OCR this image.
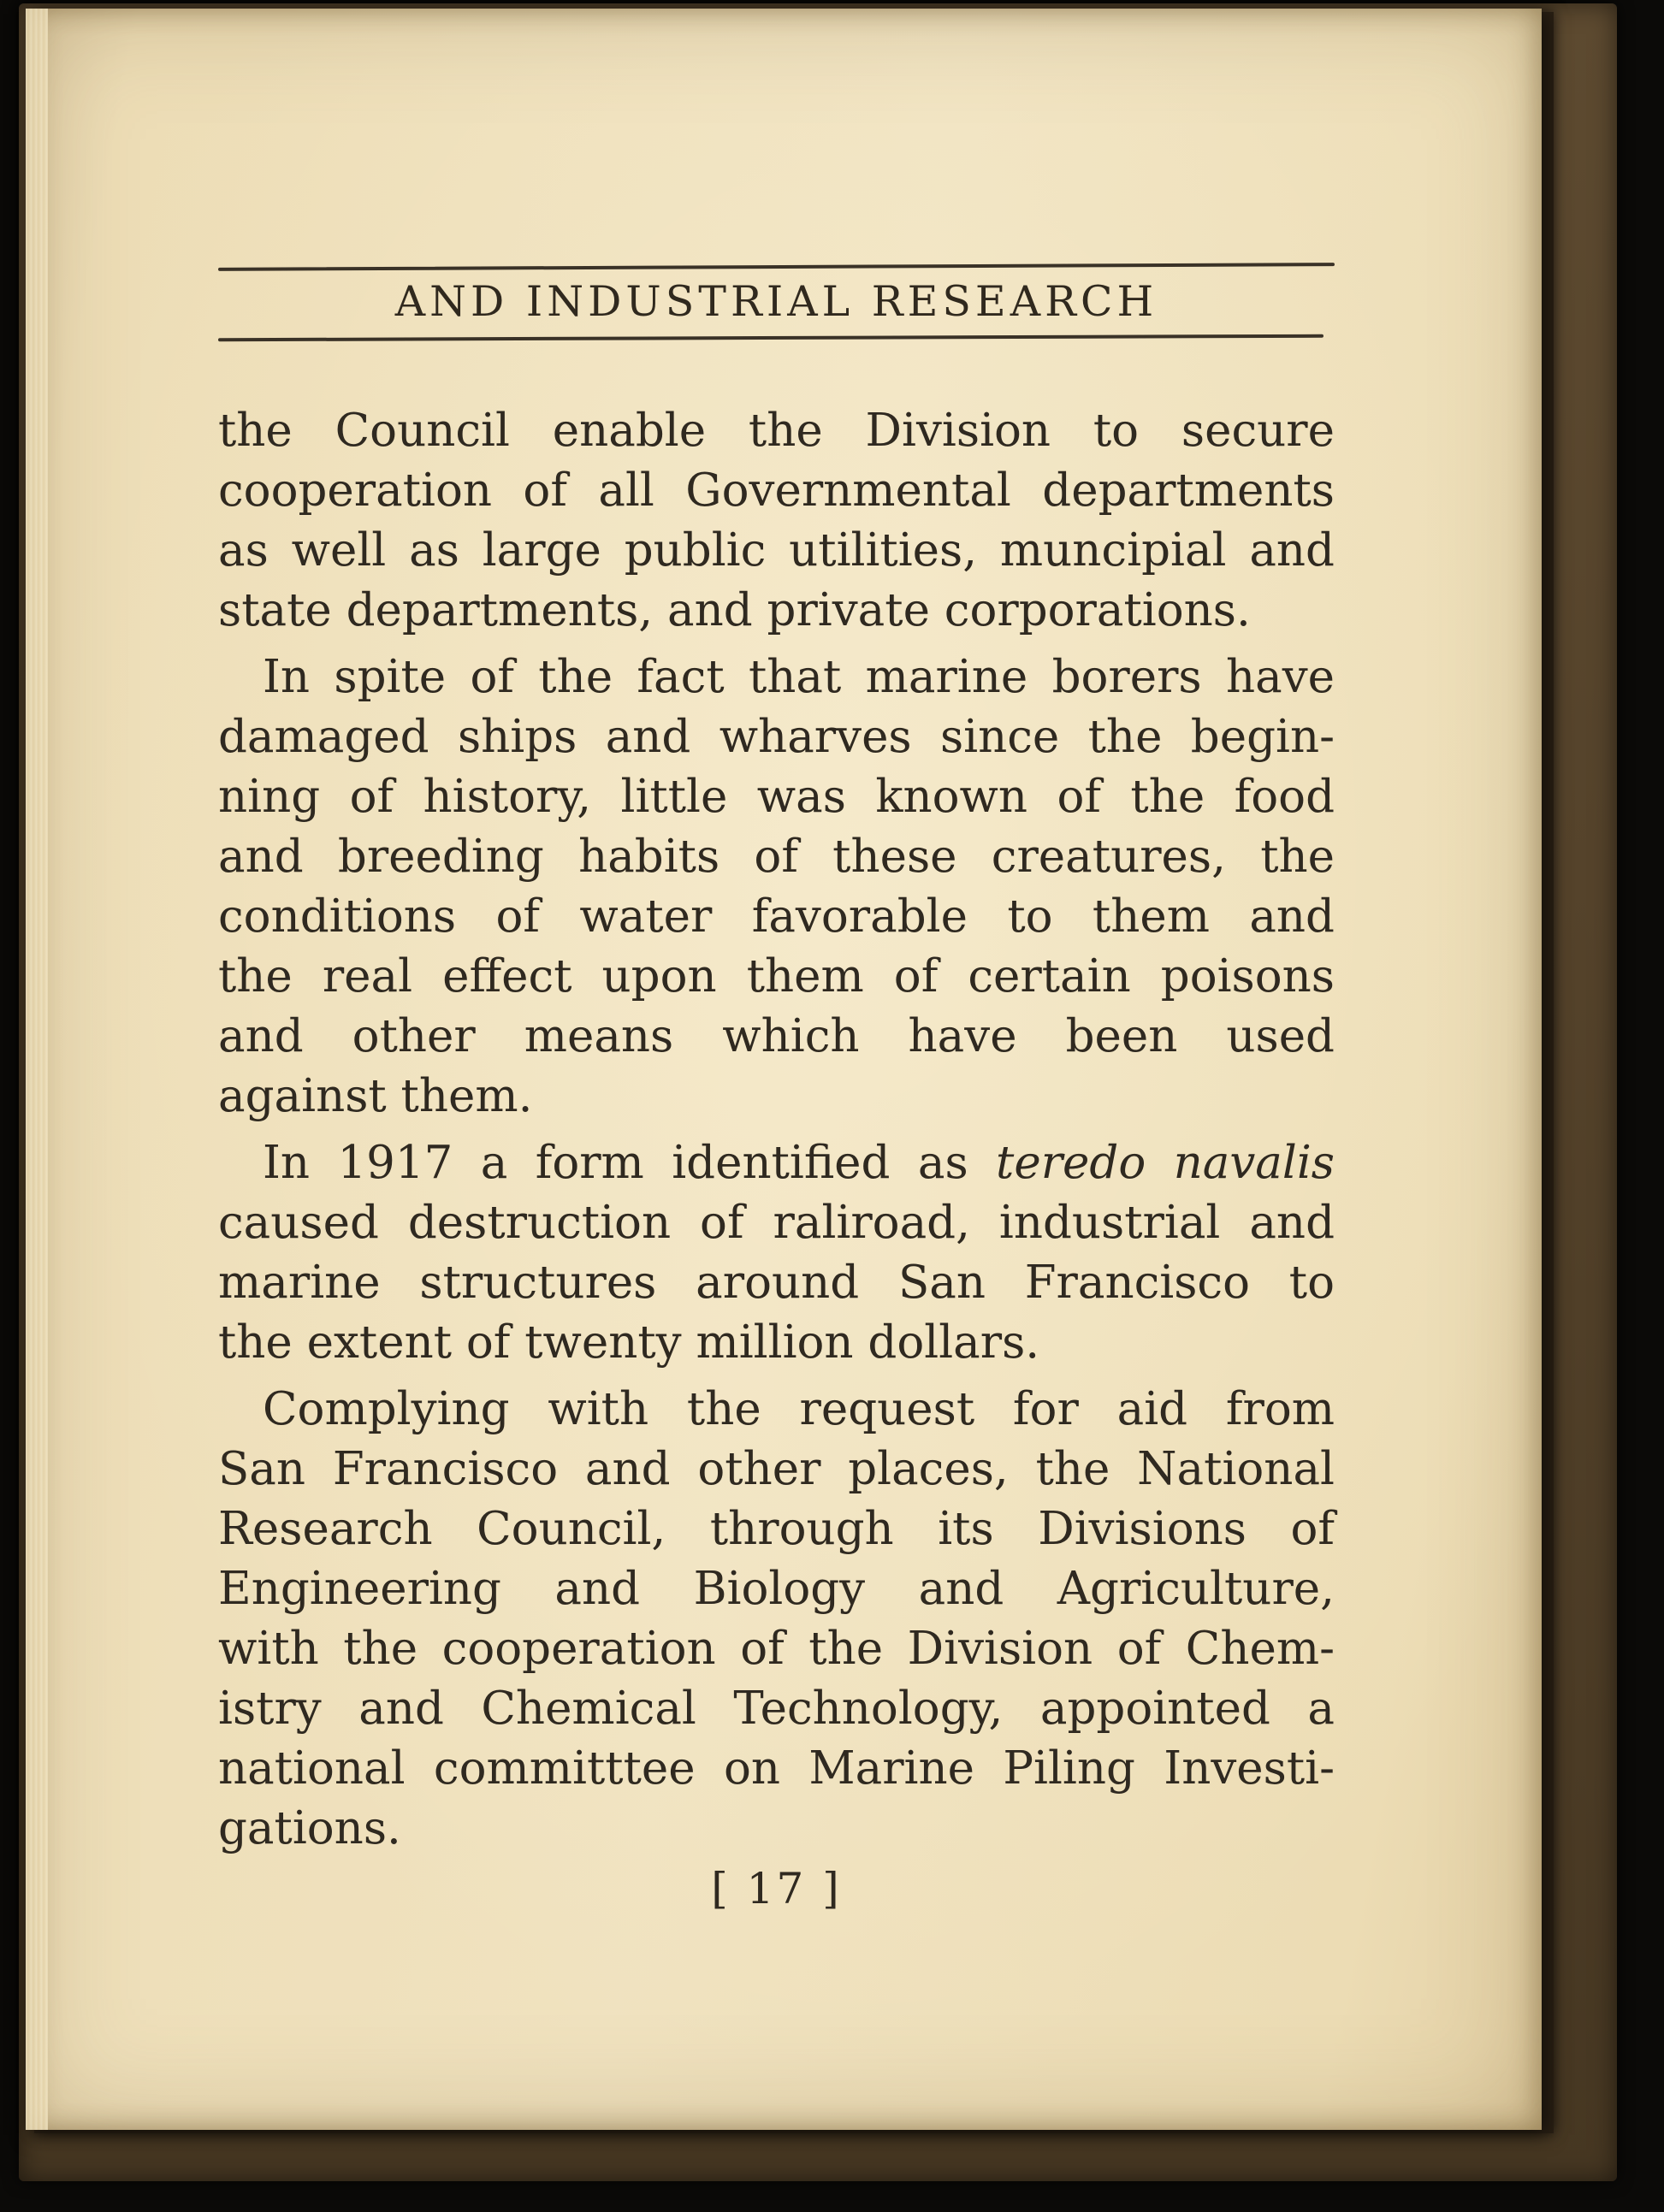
AND INDUSTRIAL RESEARCH
the Council enable the Division to secure
cooperation of all Governmental departments
as well as large public utilities, muncipial and
state departments, and private corporations.
In spite of the fact that marine borers have
damaged ships and wharves since the begin-
ning of history, little was known of the food
and breeding habits of these creatures, the
conditions of water favorable to them and
the real effect upon them of certain poisons
and other means which have been used
against them.
In 1917 a form identified as teredo navalis
caused destruction of raliroad, industrial and
marine structures around San Francisco to
the extent of twenty million dollars.
Complying with the request for aid from
San Francisco and other places, the National
Research Council, through its Divisions of
Engineering and Biology and Agriculture,
with the cooperation of the Division of Chem-
istry and Chemical Technology, appointed a
national committtee on Marine Piling Investi-
gations.
[ 17 ]
